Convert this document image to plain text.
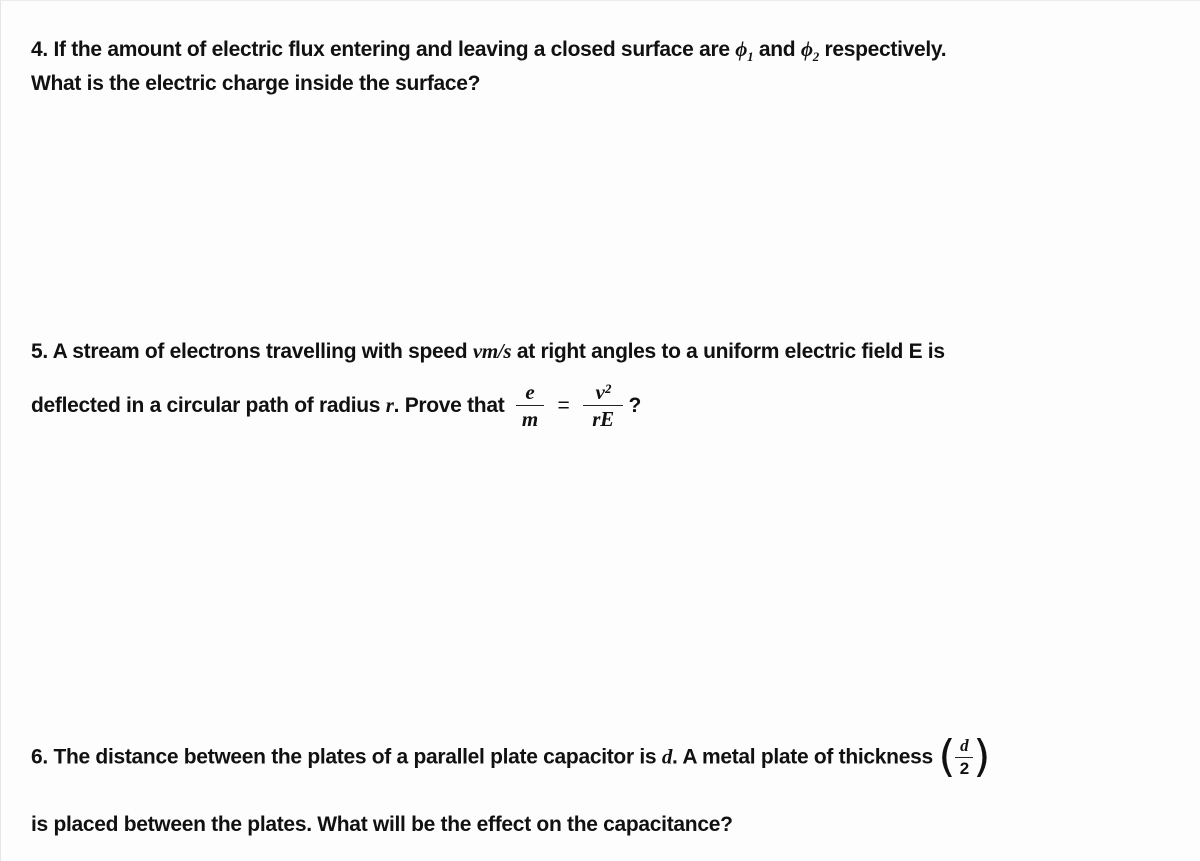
4. If the amount of electric flux entering and leaving a closed surface are $\phi_1$ and $\phi_2$ respectively.
What is the electric charge inside the surface?
5. A stream of electrons travelling with speed vm/s at right angles to a uniform electric field E is
deflected in a circular path of radius r. Prove that $\frac{e}{m} = \frac{\text{v²}}{rE}$ ?
6. The distance between the plates of a parallel plate capacitor is d. A metal plate of thickness ( $\frac{d}{2}$ )
is placed between the plates. What will be the effect on the capacitance?
